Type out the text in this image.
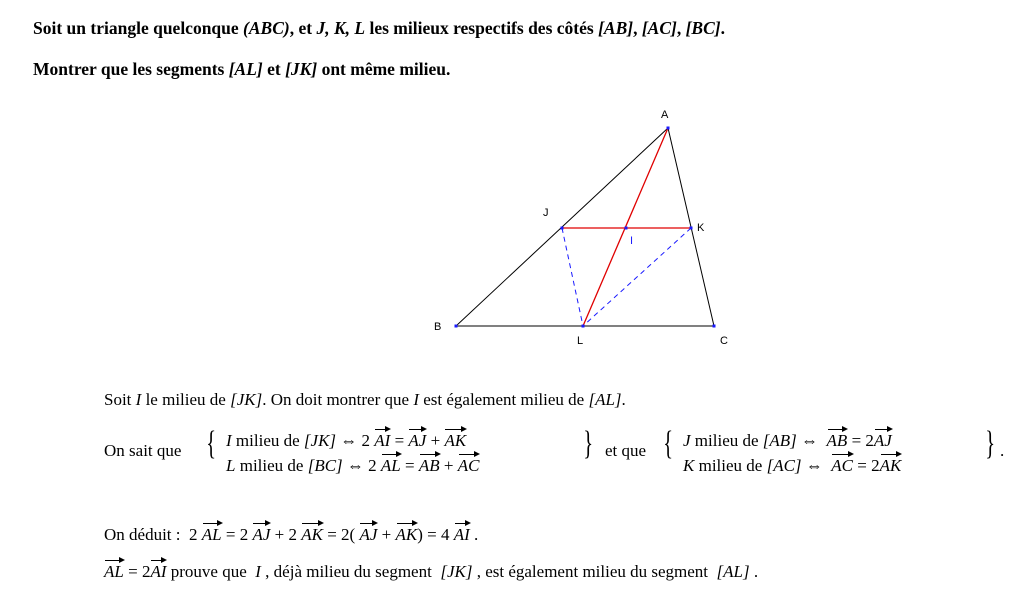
Soit un triangle quelconque (ABC), et J, K, L les milieux respectifs des côtés [AB], [AC], [BC].
Montrer que les segments [AL] et [JK] ont même milieu.
A
B
C
J
K
L
I
Soit I le milieu de [JK]. On doit montrer que I est également milieu de [AL].
On sait que { I milieu de [JK] ⇔ 2 AI = AJ + AK
L milieu de [BC] ⇔ 2 AL = AB + AC
} et que { J milieu de [AB] ⇔ AB = 2AJ
K milieu de [AC] ⇔ AC = 2AK
} .
On déduit :  2 AL = 2 AJ + 2 AK = 2( AJ + AK) = 4 AI .
AL = 2AI prouve que  I , déjà milieu du segment  [JK] , est également milieu du segment  [AL] .
